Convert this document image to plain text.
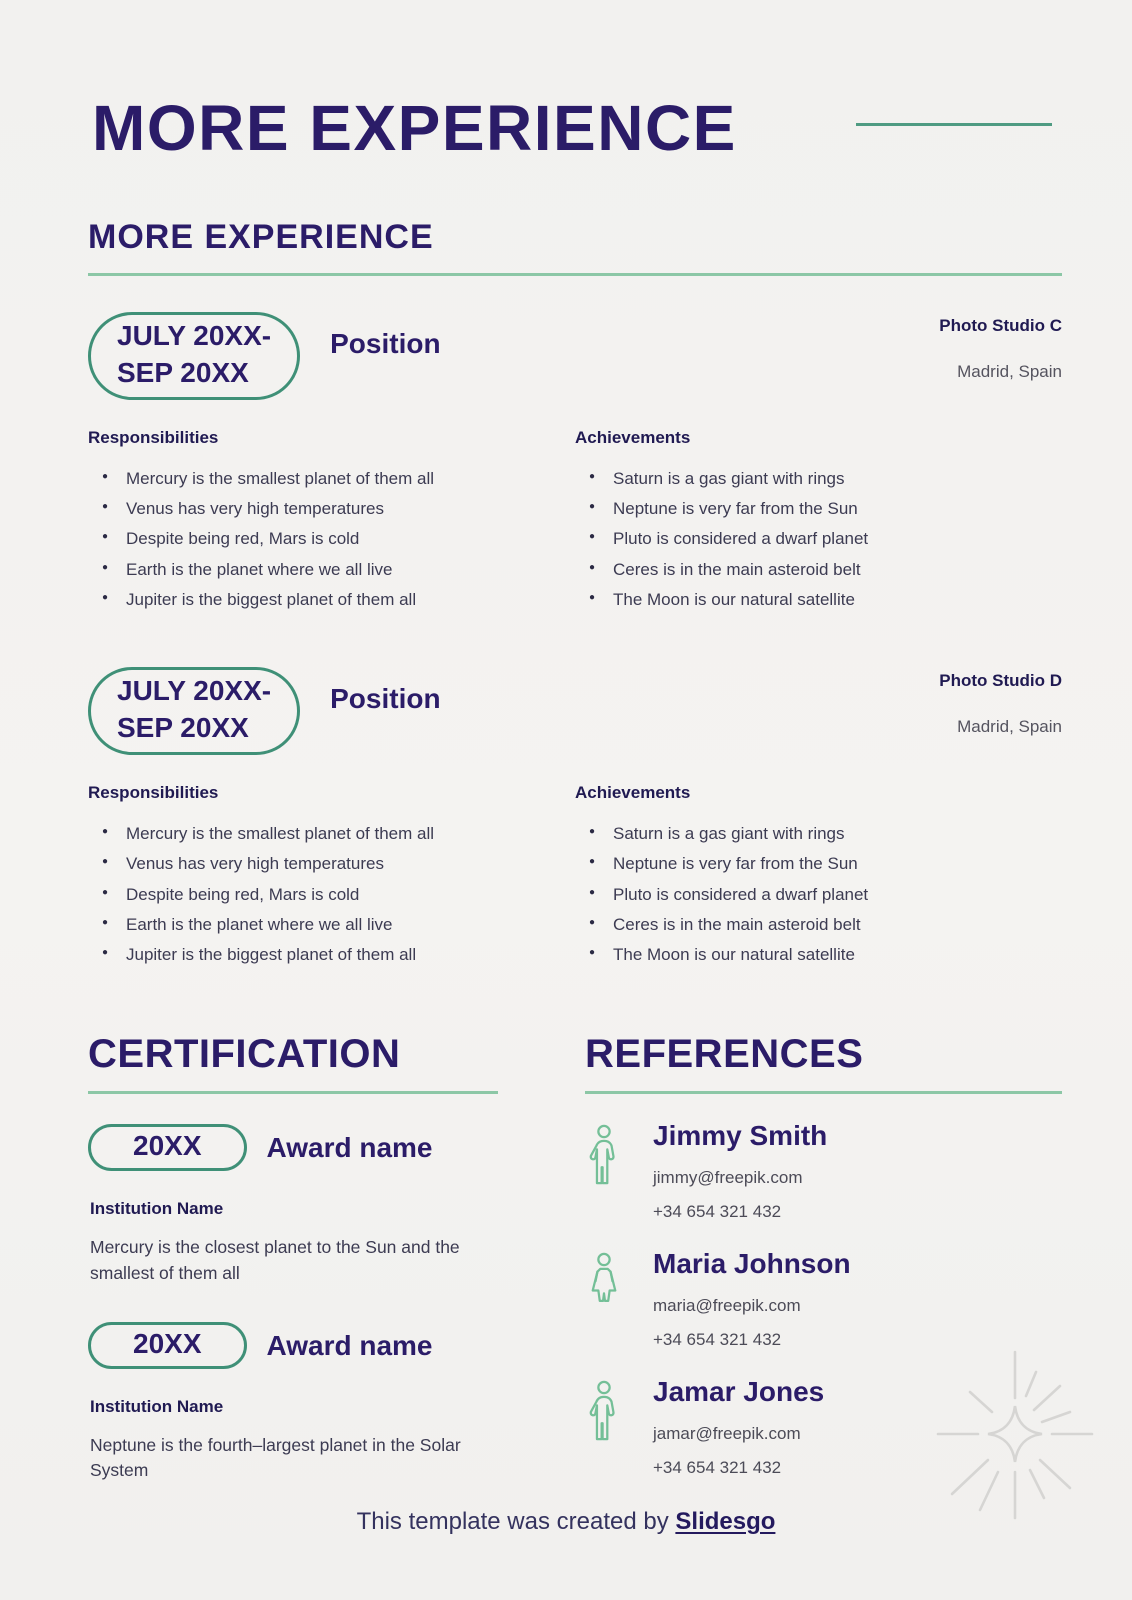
MORE EXPERIENCE
MORE EXPERIENCE
JULY 20XX-
SEP 20XX
Position
Photo Studio C
Madrid, Spain
Responsibilities
● Mercury is the smallest planet of them all
● Venus has very high temperatures
● Despite being red, Mars is cold
● Earth is the planet where we all live
● Jupiter is the biggest planet of them all
Achievements
● Saturn is a gas giant with rings
● Neptune is very far from the Sun
● Pluto is considered a dwarf planet
● Ceres is in the main asteroid belt
● The Moon is our natural satellite
JULY 20XX-
SEP 20XX
Position
Photo Studio D
Madrid, Spain
Responsibilities
● Mercury is the smallest planet of them all
● Venus has very high temperatures
● Despite being red, Mars is cold
● Earth is the planet where we all live
● Jupiter is the biggest planet of them all
Achievements
● Saturn is a gas giant with rings
● Neptune is very far from the Sun
● Pluto is considered a dwarf planet
● Ceres is in the main asteroid belt
● The Moon is our natural satellite
CERTIFICATION
20XX	Award name
Institution Name
Mercury is the closest planet to the Sun and the smallest of them all
20XX	Award name
Institution Name
Neptune is the fourth–largest planet in the Solar System
REFERENCES
Jimmy Smith
jimmy@freepik.com
+34 654 321 432
Maria Johnson
maria@freepik.com
+34 654 321 432
Jamar Jones
jamar@freepik.com
+34 654 321 432
This template was created by Slidesgo
